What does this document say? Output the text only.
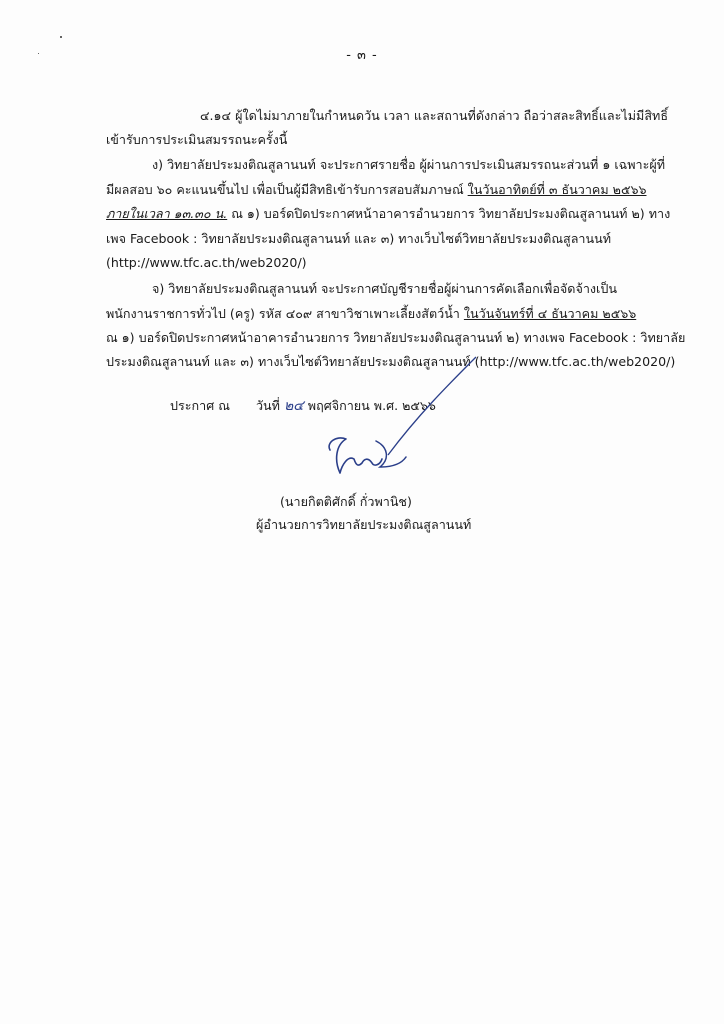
- ๓ -
๔.๑๔ ผู้ใดไม่มาภายในกำหนดวัน เวลา และสถานที่ดังกล่าว ถือว่าสละสิทธิ์และไม่มีสิทธิ์
เข้ารับการประเมินสมรรถนะครั้งนี้
ง) วิทยาลัยประมงติณสูลานนท์ จะประกาศรายชื่อ ผู้ผ่านการประเมินสมรรถนะส่วนที่ ๑ เฉพาะผู้ที่
มีผลสอบ ๖๐ คะแนนขึ้นไป เพื่อเป็นผู้มีสิทธิเข้ารับการสอบสัมภาษณ์ ในวันอาทิตย์ที่ ๓ ธันวาคม ๒๕๖๖
ภายในเวลา ๑๓.๓๐ น. ณ ๑) บอร์ดปิดประกาศหน้าอาคารอำนวยการ วิทยาลัยประมงติณสูลานนท์ ๒) ทาง
เพจ Facebook : วิทยาลัยประมงติณสูลานนท์ และ ๓) ทางเว็บไซต์วิทยาลัยประมงติณสูลานนท์
(http://www.tfc.ac.th/web2020/)
จ) วิทยาลัยประมงติณสูลานนท์ จะประกาศบัญชีรายชื่อผู้ผ่านการคัดเลือกเพื่อจัดจ้างเป็น
พนักงานราชการทั่วไป (ครู) รหัส ๔๐๙ สาขาวิชาเพาะเลี้ยงสัตว์น้ำ ในวันจันทร์ที่ ๔ ธันวาคม ๒๕๖๖
ณ ๑) บอร์ดปิดประกาศหน้าอาคารอำนวยการ วิทยาลัยประมงติณสูลานนท์ ๒) ทางเพจ Facebook : วิทยาลัย
ประมงติณสูลานนท์ และ ๓) ทางเว็บไซต์วิทยาลัยประมงติณสูลานนท์ (http://www.tfc.ac.th/web2020/)
ประกาศ ณ วันที่ ๒๔ พฤศจิกายน พ.ศ. ๒๕๖๖
(นายกิตติศักดิ์ กั่วพานิช)
ผู้อำนวยการวิทยาลัยประมงติณสูลานนท์
